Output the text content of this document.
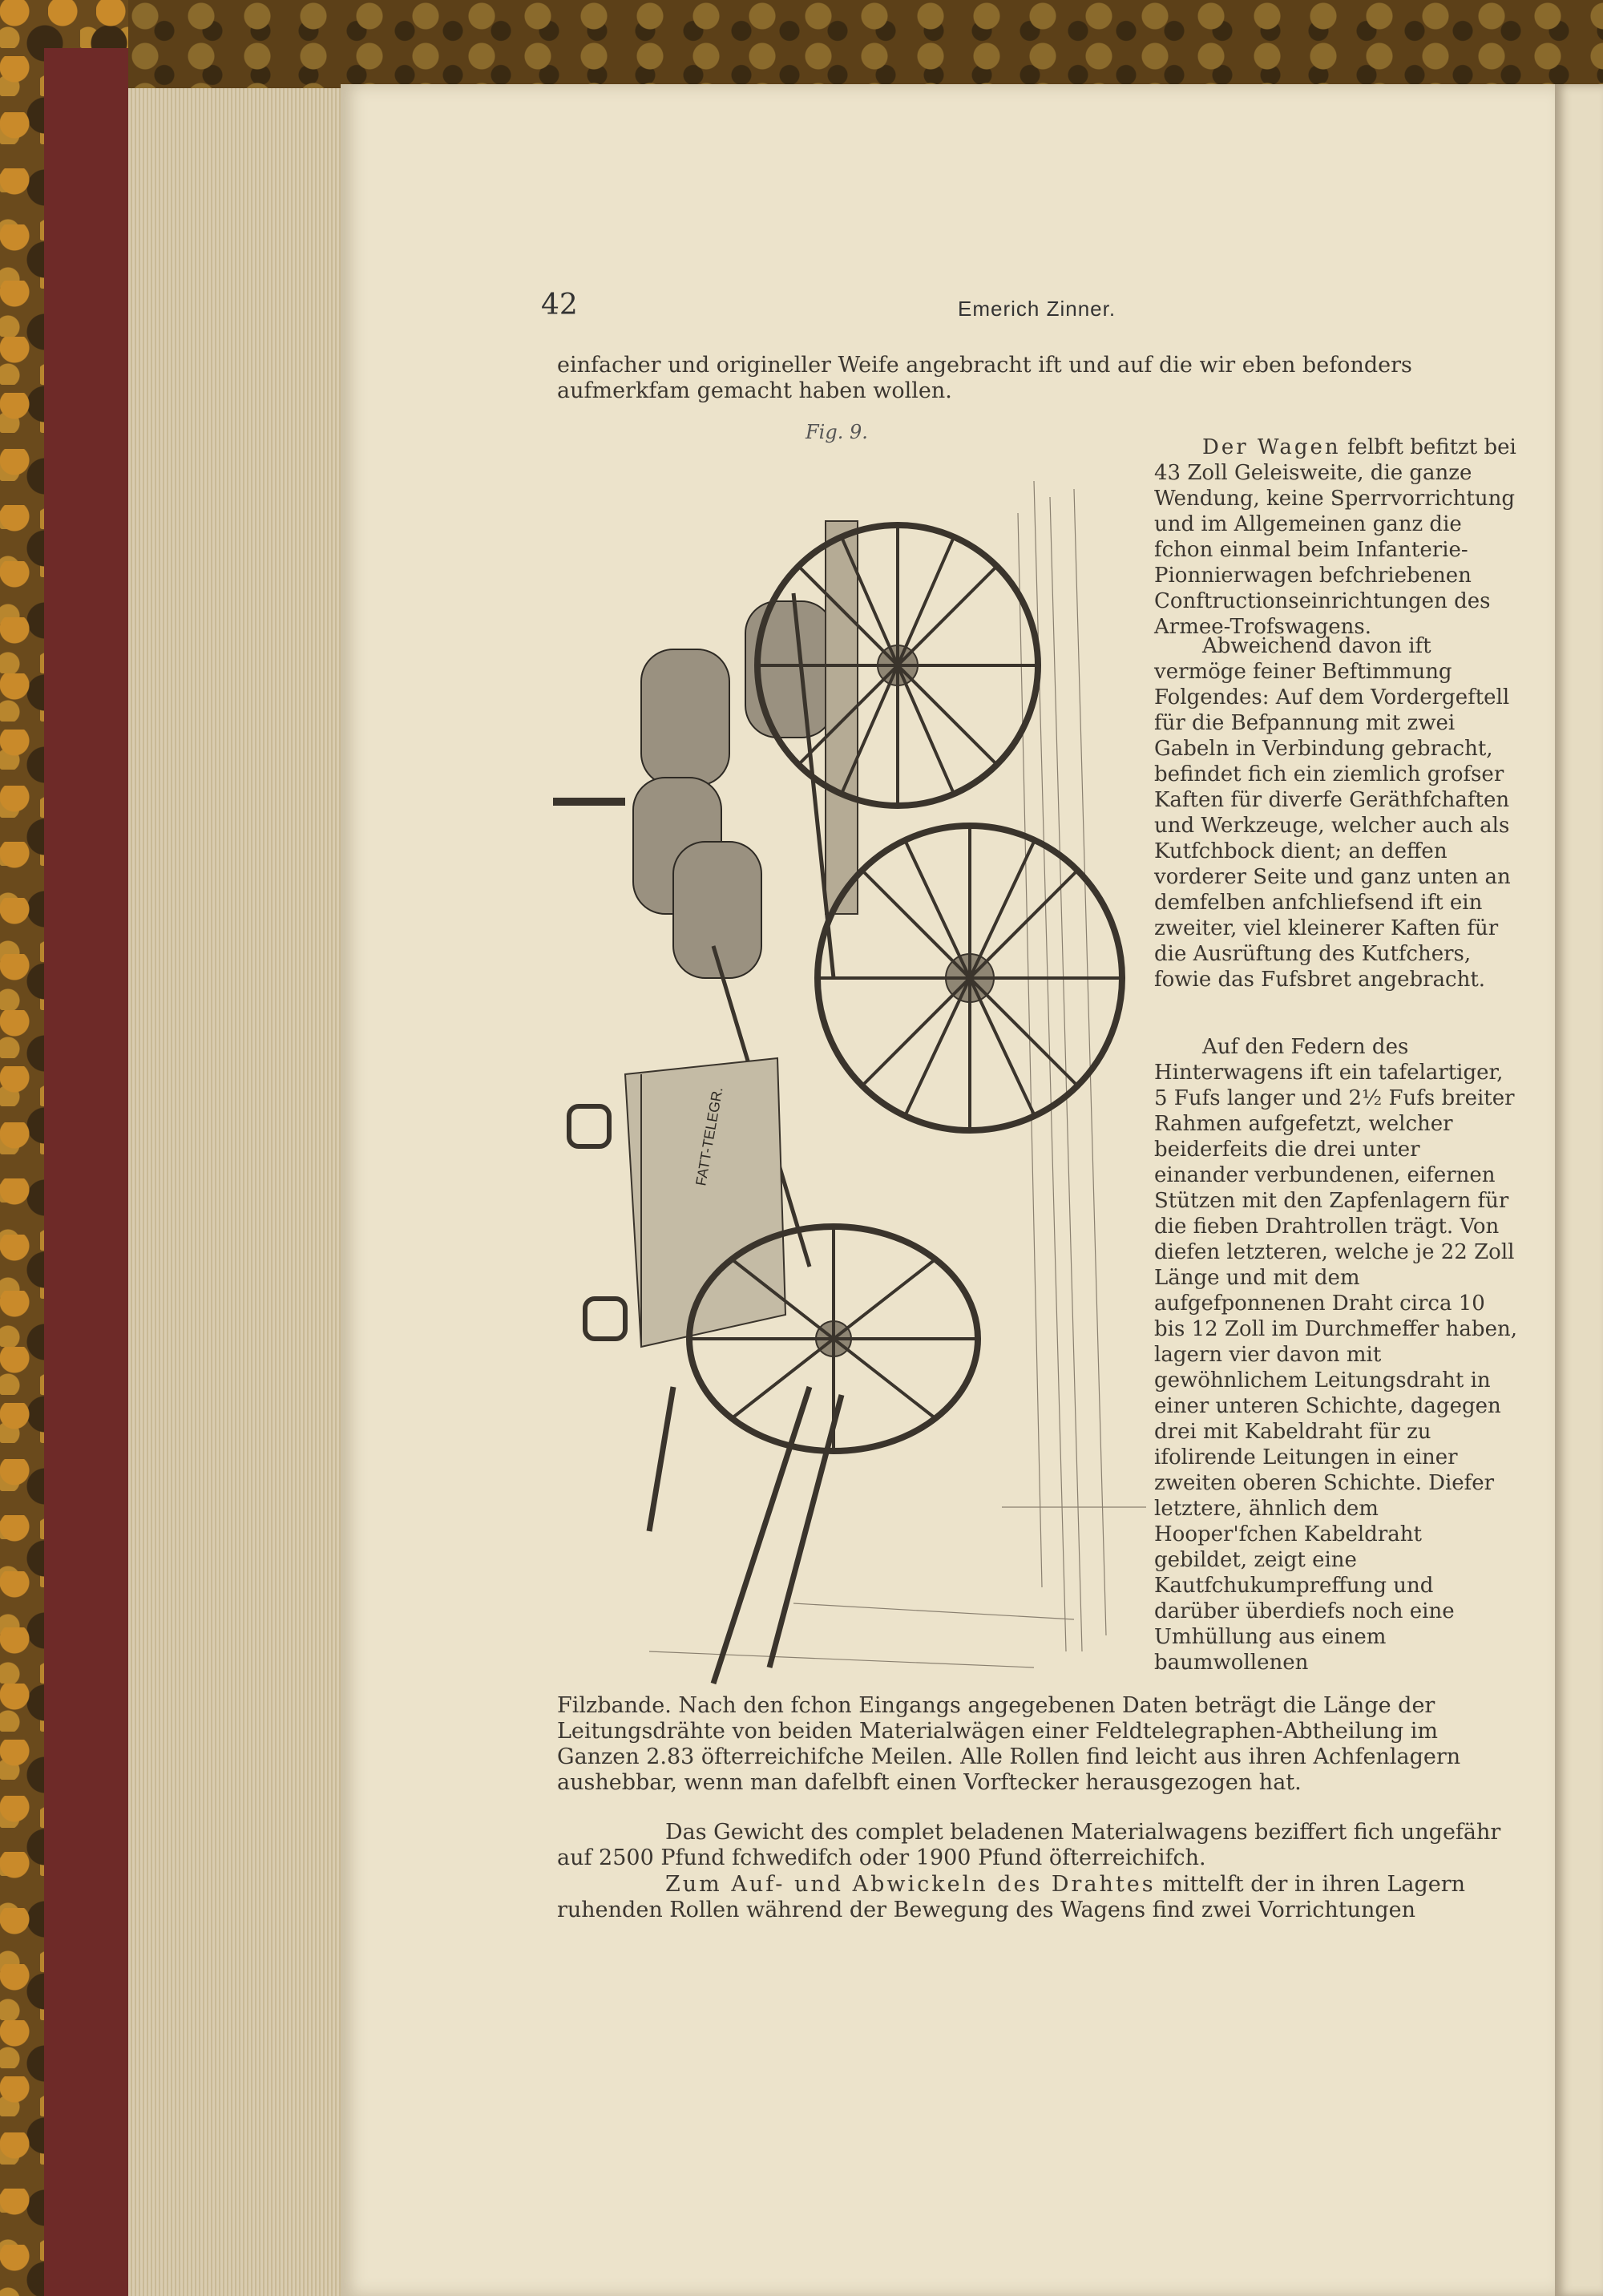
42	Emerich Zinner.
einfacher und origineller Weife angebracht ift und auf die wir eben befonders aufmerkfam gemacht haben wollen.
Fig. 9.
FATT-TELEGR.
Der Wagen felbft befitzt bei 43 Zoll Geleisweite, die ganze Wendung, keine Sperrvorrichtung und im Allgemeinen ganz die fchon einmal beim Infanterie-Pionnierwagen befchriebenen Conftructionseinrichtungen des Armee-Trofswagens.
Abweichend davon ift vermöge feiner Beftimmung Folgendes: Auf dem Vordergeftell für die Befpannung mit zwei Gabeln in Verbindung gebracht, befindet fich ein ziemlich grofser Kaften für diverfe Geräthfchaften und Werkzeuge, welcher auch als Kutfchbock dient; an deffen vorderer Seite und ganz unten an demfelben anfchliefsend ift ein zweiter, viel kleinerer Kaften für die Ausrüftung des Kutfchers, fowie das Fufsbret angebracht.
Auf den Federn des Hinterwagens ift ein tafelartiger, 5 Fufs langer und 2½ Fufs breiter Rahmen aufgefetzt, welcher beiderfeits die drei unter einander verbundenen, eifernen Stützen mit den Zapfenlagern für die fieben Drahtrollen trägt. Von diefen letzteren, welche je 22 Zoll Länge und mit dem aufgefponnenen Draht circa 10 bis 12 Zoll im Durchmeffer haben, lagern vier davon mit gewöhnlichem Leitungsdraht in einer unteren Schichte, dagegen drei mit Kabeldraht für zu ifolirende Leitungen in einer zweiten oberen Schichte. Diefer letztere, ähnlich dem Hooper'fchen Kabeldraht gebildet, zeigt eine Kautfchukumpreffung und darüber überdiefs noch eine Umhüllung aus einem baumwollenen
Filzbande. Nach den fchon Eingangs angegebenen Daten beträgt die Länge der Leitungsdrähte von beiden Materialwägen einer Feldtelegraphen-Abtheilung im Ganzen 2.83 öfterreichifche Meilen. Alle Rollen find leicht aus ihren Achfenlagern aushebbar, wenn man dafelbft einen Vorftecker herausgezogen hat.
Das Gewicht des complet beladenen Materialwagens beziffert fich ungefähr auf 2500 Pfund fchwedifch oder 1900 Pfund öfterreichifch.
Zum Auf- und Abwickeln des Drahtes mittelft der in ihren Lagern ruhenden Rollen während der Bewegung des Wagens find zwei Vorrichtungen
